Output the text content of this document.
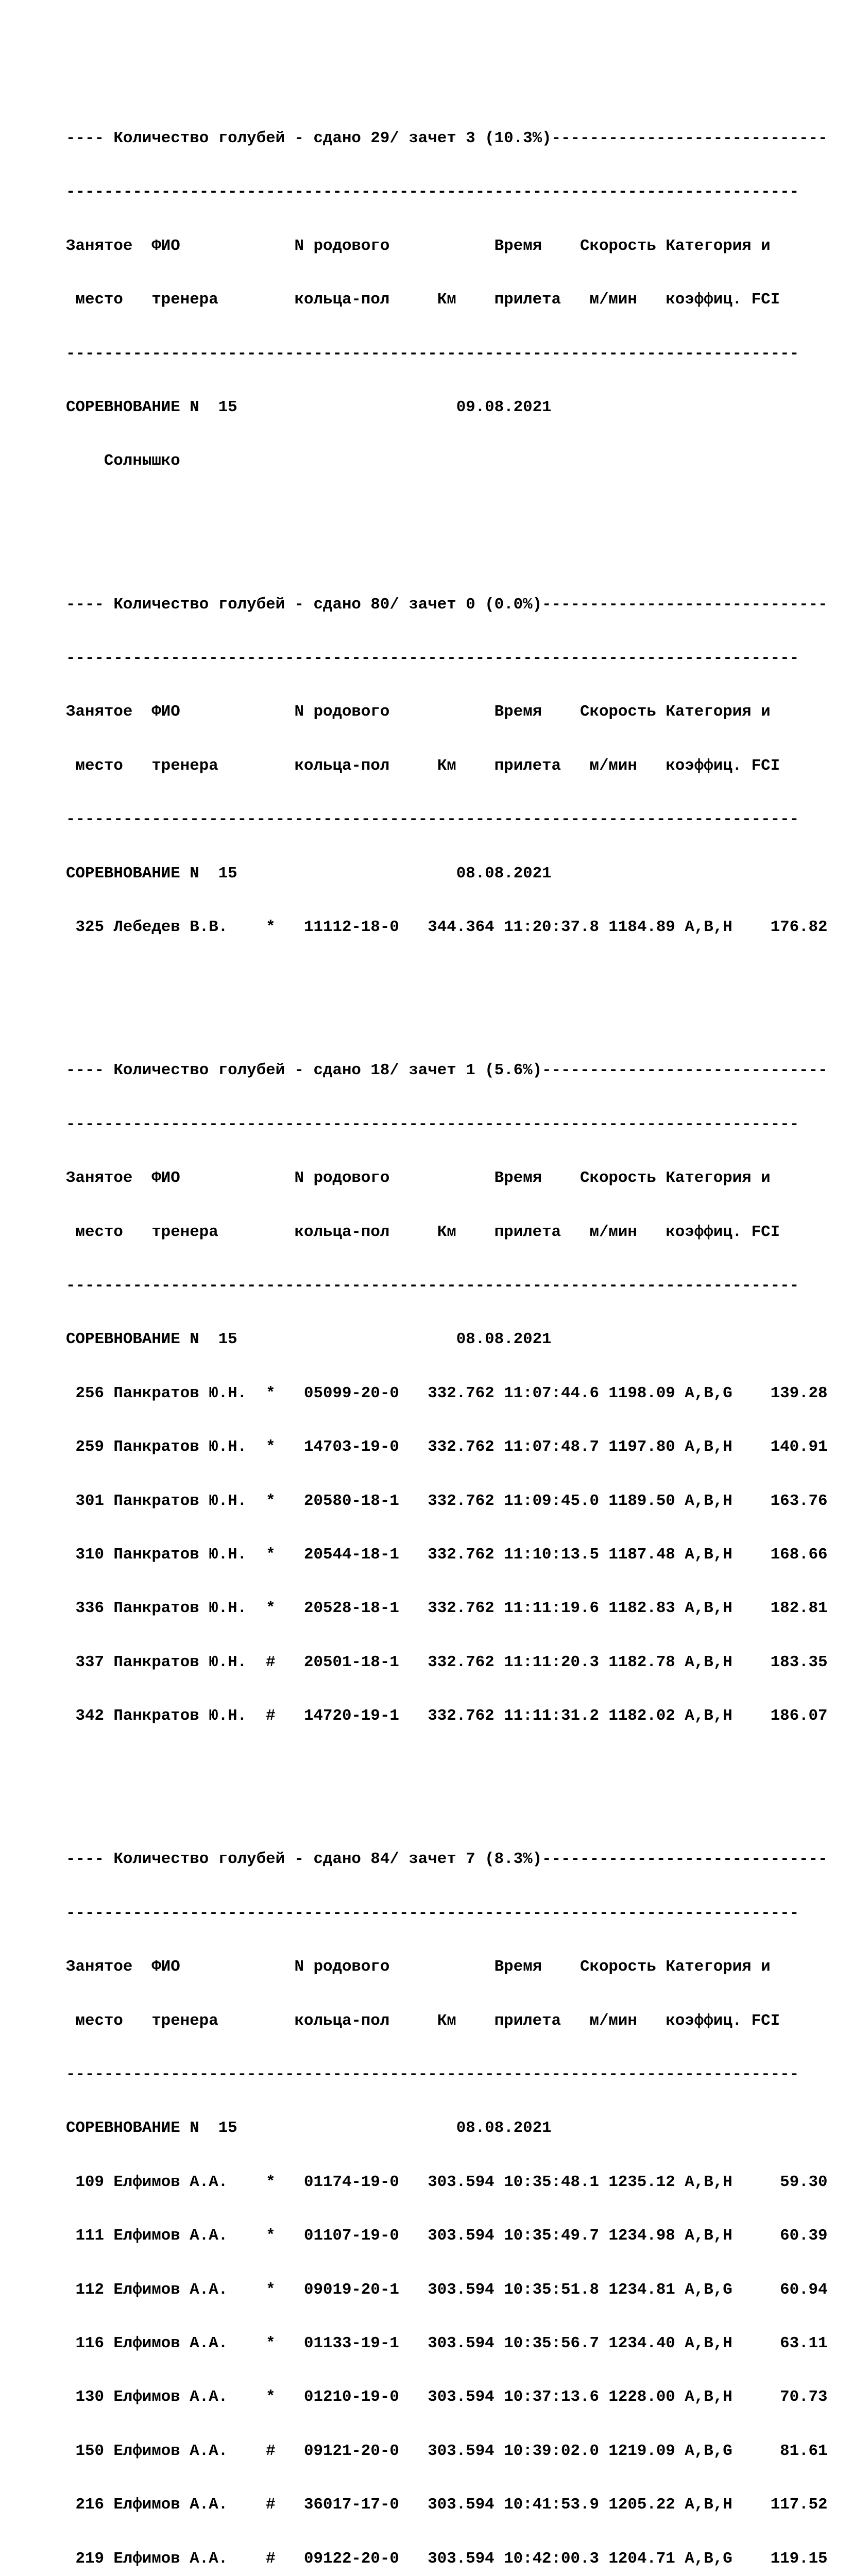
---- Количество голубей - сдано 29/ зачет 3 (10.3%)-----------------------------

-----------------------------------------------------------------------------

Занятое  ФИО            N родового           Время    Скорость Категория и

место   тренера        кольца-пол     Км    прилета   м/мин   коэффиц. FCI

-----------------------------------------------------------------------------

СОРЕВНОВАНИЕ N  15                       09.08.2021

Солнышко

---- Количество голубей - сдано 80/ зачет 0 (0.0%)------------------------------

-----------------------------------------------------------------------------

Занятое  ФИО            N родового           Время    Скорость Категория и

место   тренера        кольца-пол     Км    прилета   м/мин   коэффиц. FCI

-----------------------------------------------------------------------------

СОРЕВНОВАНИЕ N  15                       08.08.2021

325 Лебедев В.В.    *   11112-18-0   344.364 11:20:37.8 1184.89 A,B,H    176.82

---- Количество голубей - сдано 18/ зачет 1 (5.6%)------------------------------

-----------------------------------------------------------------------------

Занятое  ФИО            N родового           Время    Скорость Категория и

место   тренера        кольца-пол     Км    прилета   м/мин   коэффиц. FCI

-----------------------------------------------------------------------------

СОРЕВНОВАНИЕ N  15                       08.08.2021

256 Панкратов Ю.Н.  *   05099-20-0   332.762 11:07:44.6 1198.09 A,B,G    139.28

259 Панкратов Ю.Н.  *   14703-19-0   332.762 11:07:48.7 1197.80 A,B,H    140.91

301 Панкратов Ю.Н.  *   20580-18-1   332.762 11:09:45.0 1189.50 A,B,H    163.76

310 Панкратов Ю.Н.  *   20544-18-1   332.762 11:10:13.5 1187.48 A,B,H    168.66

336 Панкратов Ю.Н.  *   20528-18-1   332.762 11:11:19.6 1182.83 A,B,H    182.81

337 Панкратов Ю.Н.  #   20501-18-1   332.762 11:11:20.3 1182.78 A,B,H    183.35

342 Панкратов Ю.Н.  #   14720-19-1   332.762 11:11:31.2 1182.02 A,B,H    186.07

---- Количество голубей - сдано 84/ зачет 7 (8.3%)------------------------------

-----------------------------------------------------------------------------

Занятое  ФИО            N родового           Время    Скорость Категория и

место   тренера        кольца-пол     Км    прилета   м/мин   коэффиц. FCI

-----------------------------------------------------------------------------

СОРЕВНОВАНИЕ N  15                       08.08.2021

109 Елфимов А.А.    *   01174-19-0   303.594 10:35:48.1 1235.12 A,B,H     59.30

111 Елфимов А.А.    *   01107-19-0   303.594 10:35:49.7 1234.98 A,B,H     60.39

112 Елфимов А.А.    *   09019-20-1   303.594 10:35:51.8 1234.81 A,B,G     60.94

116 Елфимов А.А.    *   01133-19-1   303.594 10:35:56.7 1234.40 A,B,H     63.11

130 Елфимов А.А.    *   01210-19-0   303.594 10:37:13.6 1228.00 A,B,H     70.73

150 Елфимов А.А.    #   09121-20-0   303.594 10:39:02.0 1219.09 A,B,G     81.61

216 Елфимов А.А.    #   36017-17-0   303.594 10:41:53.9 1205.22 A,B,H    117.52

219 Елфимов А.А.    #   09122-20-0   303.594 10:42:00.3 1204.71 A,B,G    119.15
